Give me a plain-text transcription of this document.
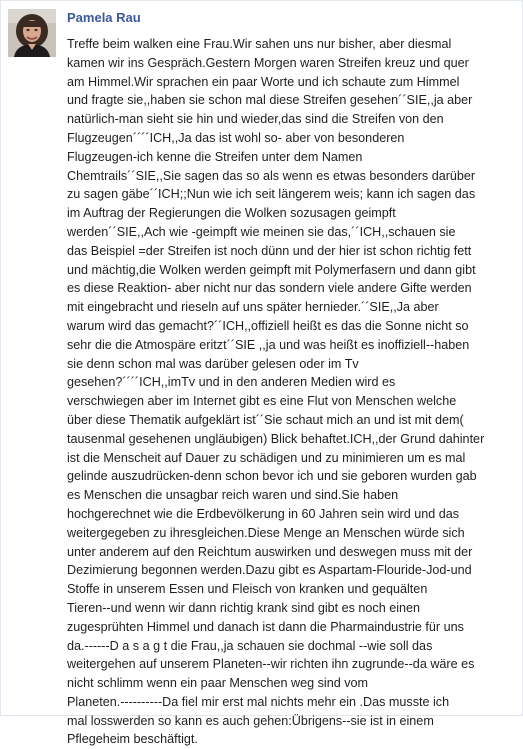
Pamela Rau
Treffe beim walken eine Frau.Wir sahen uns nur bisher, aber diesmal
kamen wir ins Gespräch.Gestern Morgen waren Streifen kreuz und quer
am Himmel.Wir sprachen ein paar Worte und ich schaute zum Himmel
und fragte sie,,haben sie schon mal diese Streifen gesehen´´SIE,,ja aber
natürlich-man sieht sie hin und wieder,das sind die Streifen von den
Flugzeugen´´´´ICH,,Ja das ist wohl so- aber von besonderen
Flugzeugen-ich kenne die Streifen unter dem Namen
Chemtrails´´SIE,,Sie sagen das so als wenn es etwas besonders darüber
zu sagen gäbe´´ICH;;Nun wie ich seit längerem weis; kann ich sagen das
im Auftrag der Regierungen die Wolken sozusagen geimpft
werden´´SIE,,Ach wie -geimpft wie meinen sie das,´´ICH,,schauen sie
das Beispiel =der Streifen ist noch dünn und der hier ist schon richtig fett
und mächtig,die Wolken werden geimpft mit Polymerfasern und dann gibt
es diese Reaktion- aber nicht nur das sondern viele andere Gifte werden
mit eingebracht und rieseln auf uns später hernieder.´´SIE,,Ja aber
warum wird das gemacht?´´ICH,,offiziell heißt es das die Sonne nicht so
sehr die die Atmospäre eritzt´´SIE ,,ja und was heißt es inoffiziell--haben
sie denn schon mal was darüber gelesen oder im Tv
gesehen?´´´´ICH,,imTv und in den anderen Medien wird es
verschwiegen aber im Internet gibt es eine Flut von Menschen welche
über diese Thematik aufgeklärt ist´´Sie schaut mich an und ist mit dem(
tausenmal gesehenen ungläubigen) Blick behaftet.ICH,,der Grund dahinter
ist die Menscheit auf Dauer zu schädigen und zu minimieren um es mal
gelinde auszudrücken-denn schon bevor ich und sie geboren wurden gab
es Menschen die unsagbar reich waren und sind.Sie haben
hochgerechnet wie die Erdbevölkerung in 60 Jahren sein wird und das
weitergegeben zu ihresgleichen.Diese Menge an Menschen würde sich
unter anderem auf den Reichtum auswirken und deswegen muss mit der
Dezimierung begonnen werden.Dazu gibt es Aspartam-Flouride-Jod-und
Stoffe in unserem Essen und Fleisch von kranken und gequälten
Tieren--und wenn wir dann richtig krank sind gibt es noch einen
zugesprühten Himmel und danach ist dann die Pharmaindustrie für uns
da.------D a s a g t die Frau,,ja schauen sie dochmal --wie soll das
weitergehen auf unserem Planeten--wir richten ihn zugrunde--da wäre es
nicht schlimm wenn ein paar Menschen weg sind vom
Planeten.----------Da fiel mir erst mal nichts mehr ein .Das musste ich
mal losswerden so kann es auch gehen:Übrigens--sie ist in einem
Pflegeheim beschäftigt.
